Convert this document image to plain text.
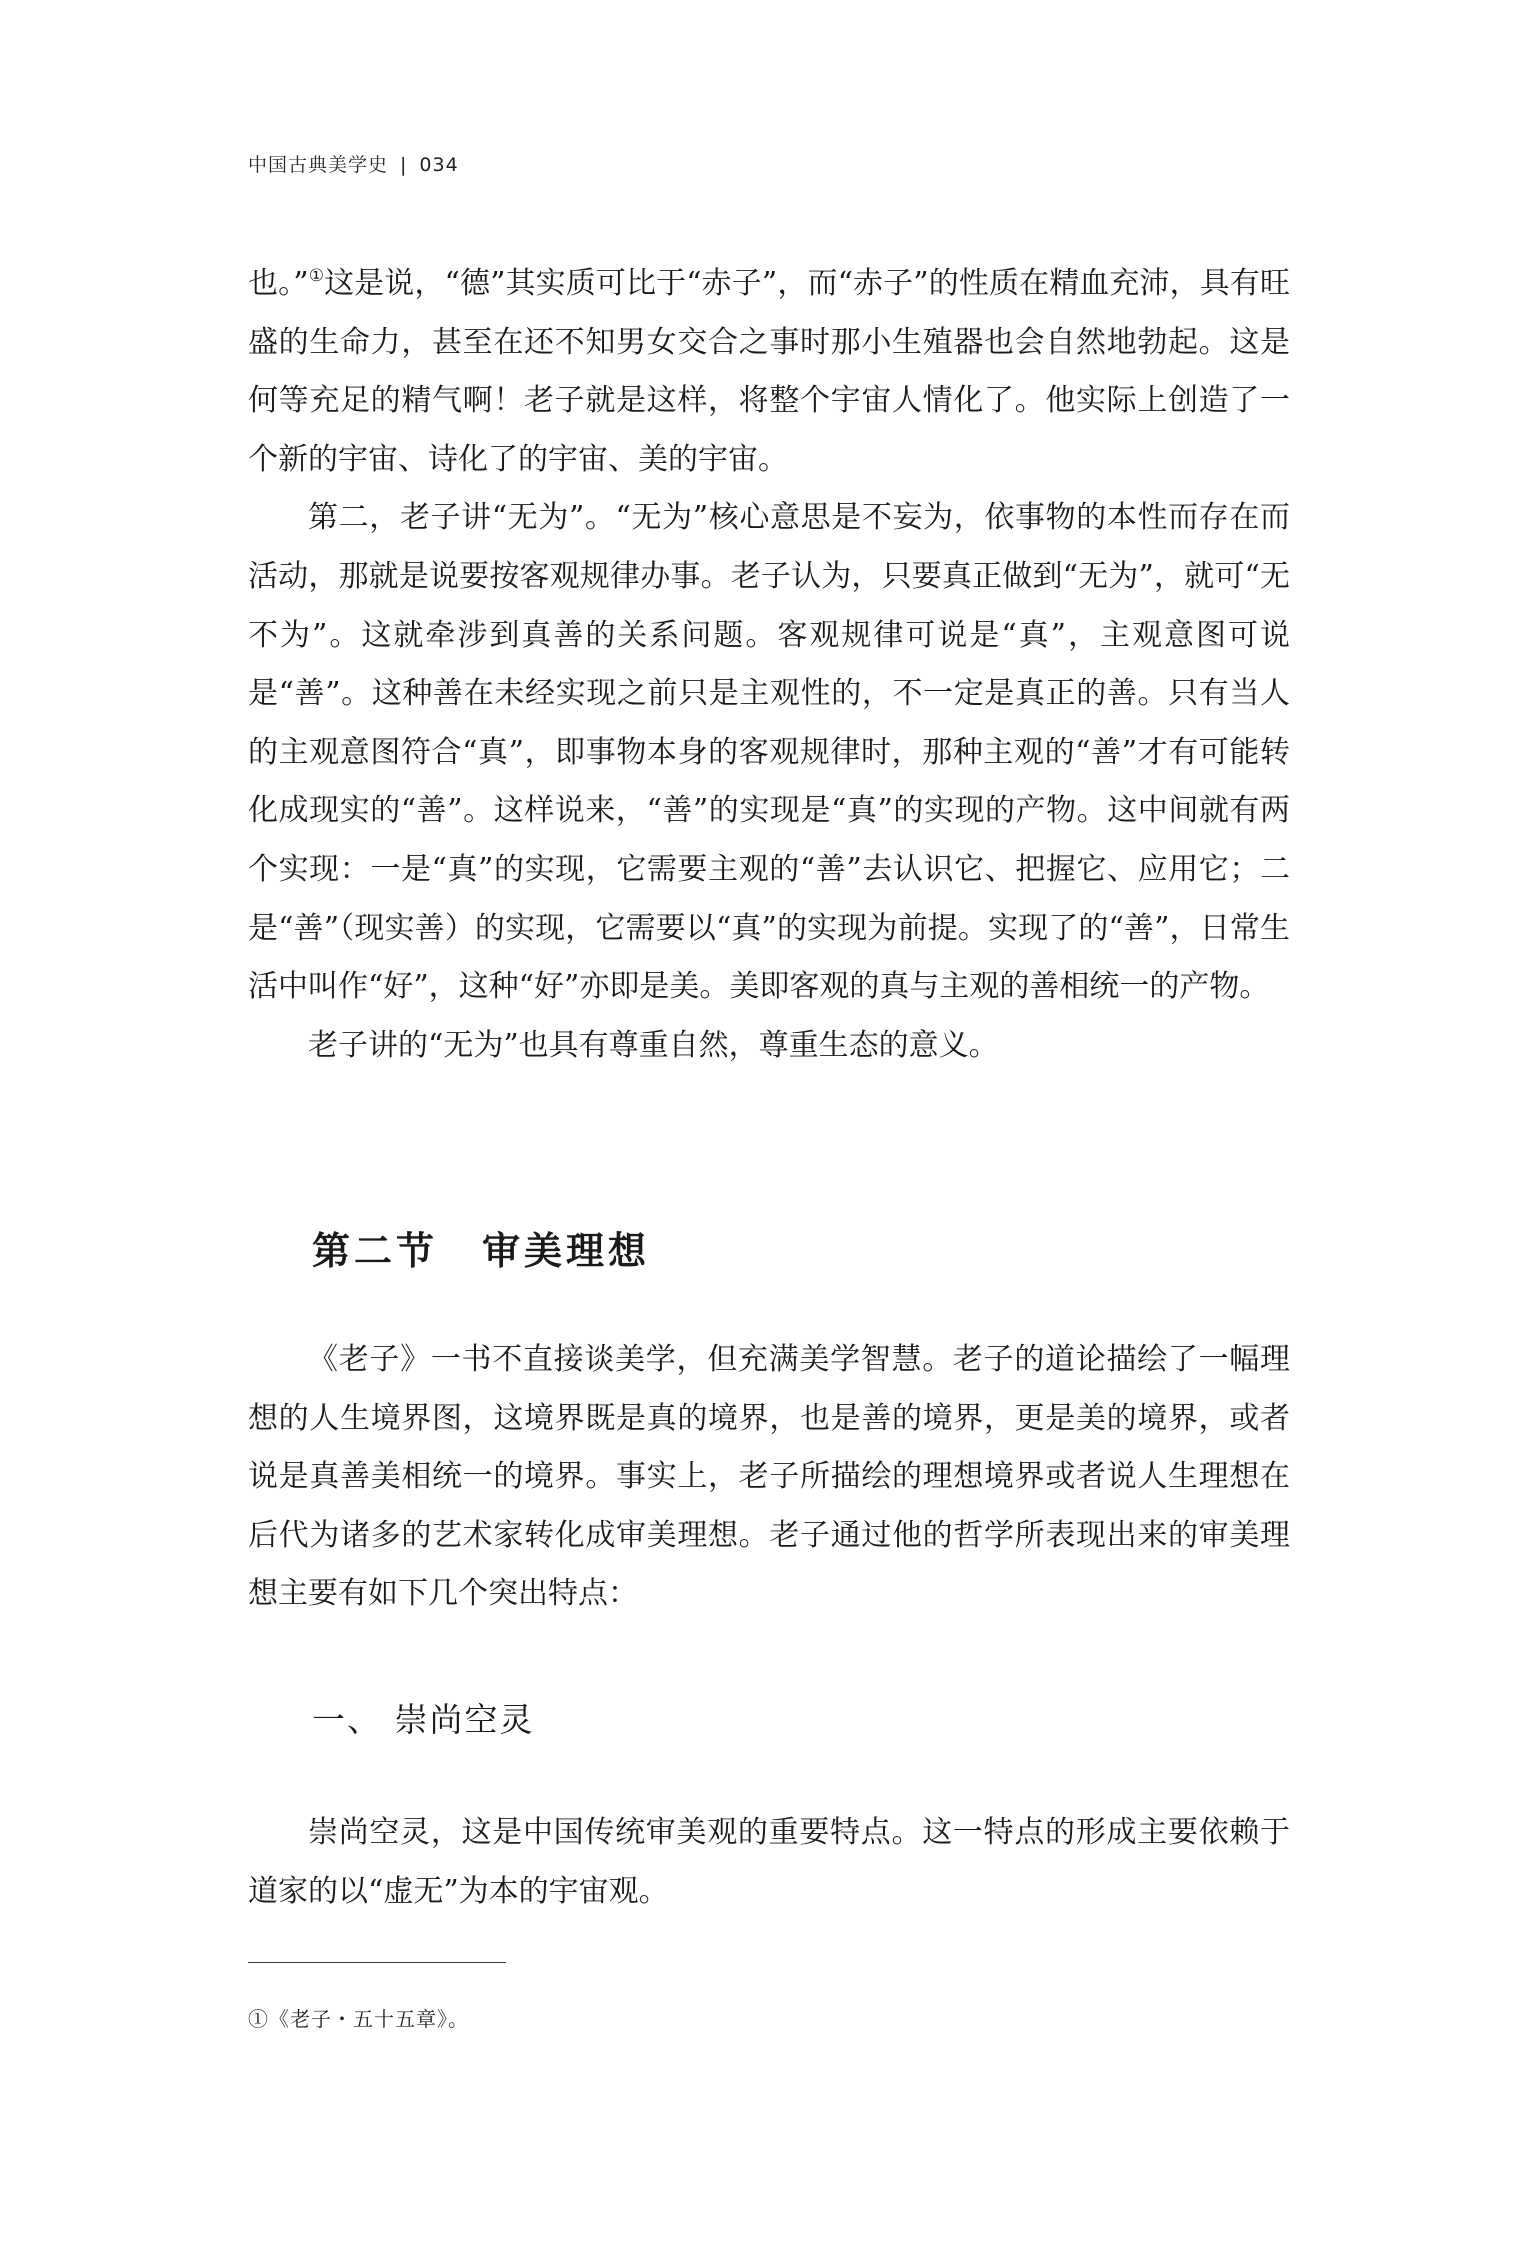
中国古典美学史 | 034

也。”①这是说，“德”其实质可比于“赤子”，而“赤子”的性质在精血充沛，具有旺盛的生命力，甚至在还不知男女交合之事时那小生殖器也会自然地勃起。这是何等充足的精气啊！老子就是这样，将整个宇宙人情化了。他实际上创造了一个新的宇宙、诗化了的宇宙、美的宇宙。

第二，老子讲“无为”。“无为”核心意思是不妄为，依事物的本性而存在而活动，那就是说要按客观规律办事。老子认为，只要真正做到“无为”，就可“无不为”。这就牵涉到真善的关系问题。客观规律可说是“真”，主观意图可说是“善”。这种善在未经实现之前只是主观性的，不一定是真正的善。只有当人的主观意图符合“真”，即事物本身的客观规律时，那种主观的“善”才有可能转化成现实的“善”。这样说来，“善”的实现是“真”的实现的产物。这中间就有两个实现：一是“真”的实现，它需要主观的“善”去认识它、把握它、应用它；二是“善”（现实善）的实现，它需要以“真”的实现为前提。实现了的“善”，日常生活中叫作“好”，这种“好”亦即是美。美即客观的真与主观的善相统一的产物。

老子讲的“无为”也具有尊重自然，尊重生态的意义。

第二节 审美理想

《老子》一书不直接谈美学，但充满美学智慧。老子的道论描绘了一幅理想的人生境界图，这境界既是真的境界，也是善的境界，更是美的境界，或者说是真善美相统一的境界。事实上，老子所描绘的理想境界或者说人生理想在后代为诸多的艺术家转化成审美理想。老子通过他的哲学所表现出来的审美理想主要有如下几个突出特点：

一、 崇尚空灵

崇尚空灵，这是中国传统审美观的重要特点。这一特点的形成主要依赖于道家的以“虚无”为本的宇宙观。

①《老子・五十五章》。
